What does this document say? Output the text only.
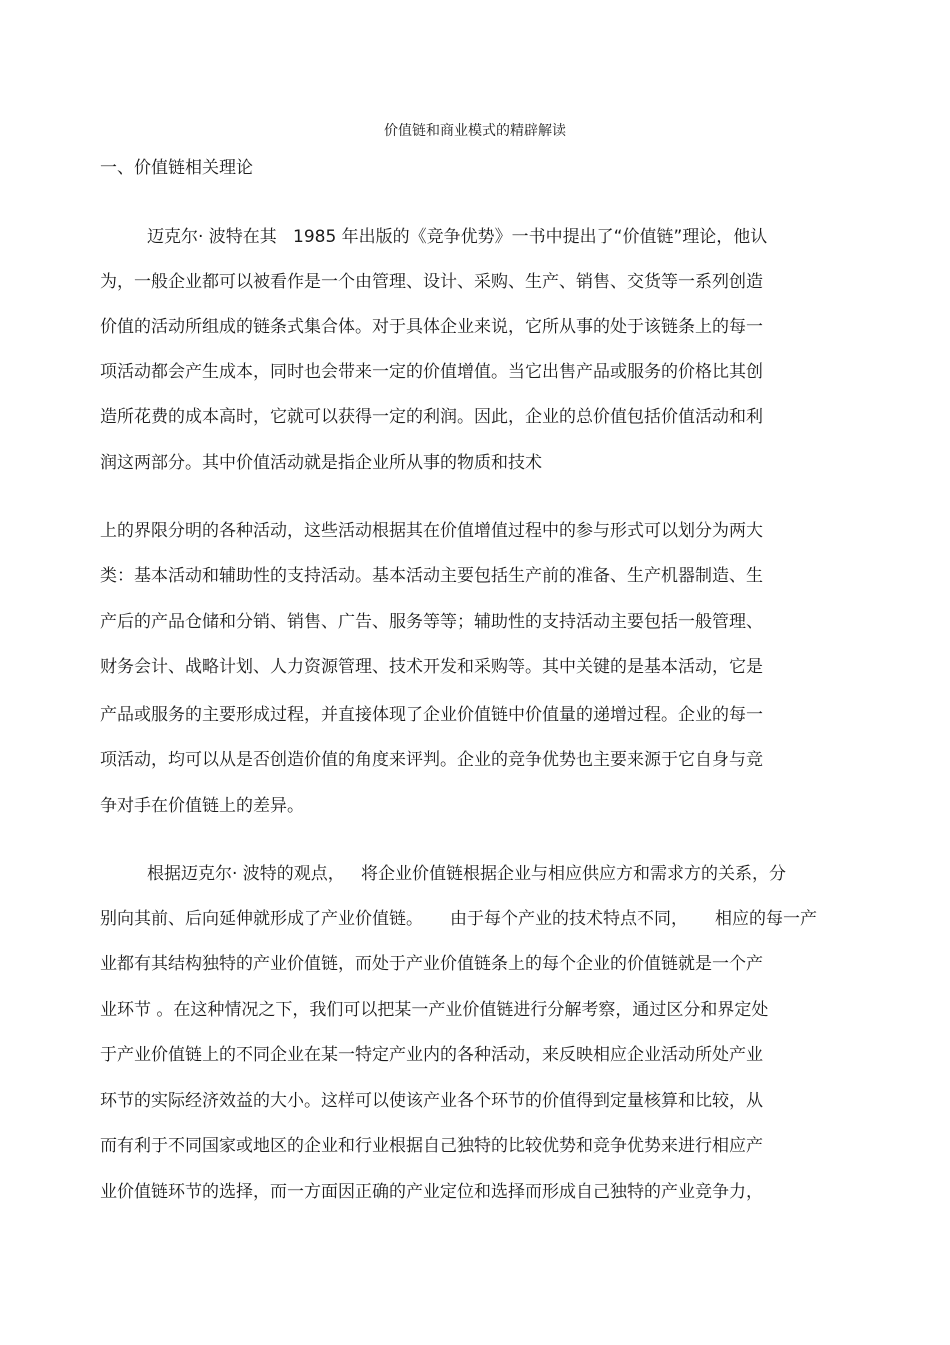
价值链和商业模式的精辟解读
一、价值链相关理论
迈克尔· 波特在其   1985 年出版的《竞争优势》一书中提出了“价值链”理论，他认
为，一般企业都可以被看作是一个由管理、设计、采购、生产、销售、交货等一系列创造
价值的活动所组成的链条式集合体。对于具体企业来说，它所从事的处于该链条上的每一
项活动都会产生成本，同时也会带来一定的价值增值。当它出售产品或服务的价格比其创
造所花费的成本高时，它就可以获得一定的利润。因此，企业的总价值包括价值活动和利
润这两部分。其中价值活动就是指企业所从事的物质和技术
上的界限分明的各种活动，这些活动根据其在价值增值过程中的参与形式可以划分为两大
类：基本活动和辅助性的支持活动。基本活动主要包括生产前的准备、生产机器制造、生
产后的产品仓储和分销、销售、广告、服务等等；辅助性的支持活动主要包括一般管理、
财务会计、战略计划、人力资源管理、技术开发和采购等。其中关键的是基本活动，它是
产品或服务的主要形成过程，并直接体现了企业价值链中价值量的递增过程。企业的每一
项活动，均可以从是否创造价值的角度来评判。企业的竞争优势也主要来源于它自身与竞
争对手在价值链上的差异。
根据迈克尔· 波特的观点，   将企业价值链根据企业与相应供应方和需求方的关系，分
别向其前、后向延伸就形成了产业价值链。     由于每个产业的技术特点不同，     相应的每一产
业都有其结构独特的产业价值链，而处于产业价值链条上的每个企业的价值链就是一个产
业环节 。在这种情况之下，我们可以把某一产业价值链进行分解考察，通过区分和界定处
于产业价值链上的不同企业在某一特定产业内的各种活动，来反映相应企业活动所处产业
环节的实际经济效益的大小。这样可以使该产业各个环节的价值得到定量核算和比较，从
而有利于不同国家或地区的企业和行业根据自己独特的比较优势和竞争优势来进行相应产
业价值链环节的选择，而一方面因正确的产业定位和选择而形成自己独特的产业竞争力，
